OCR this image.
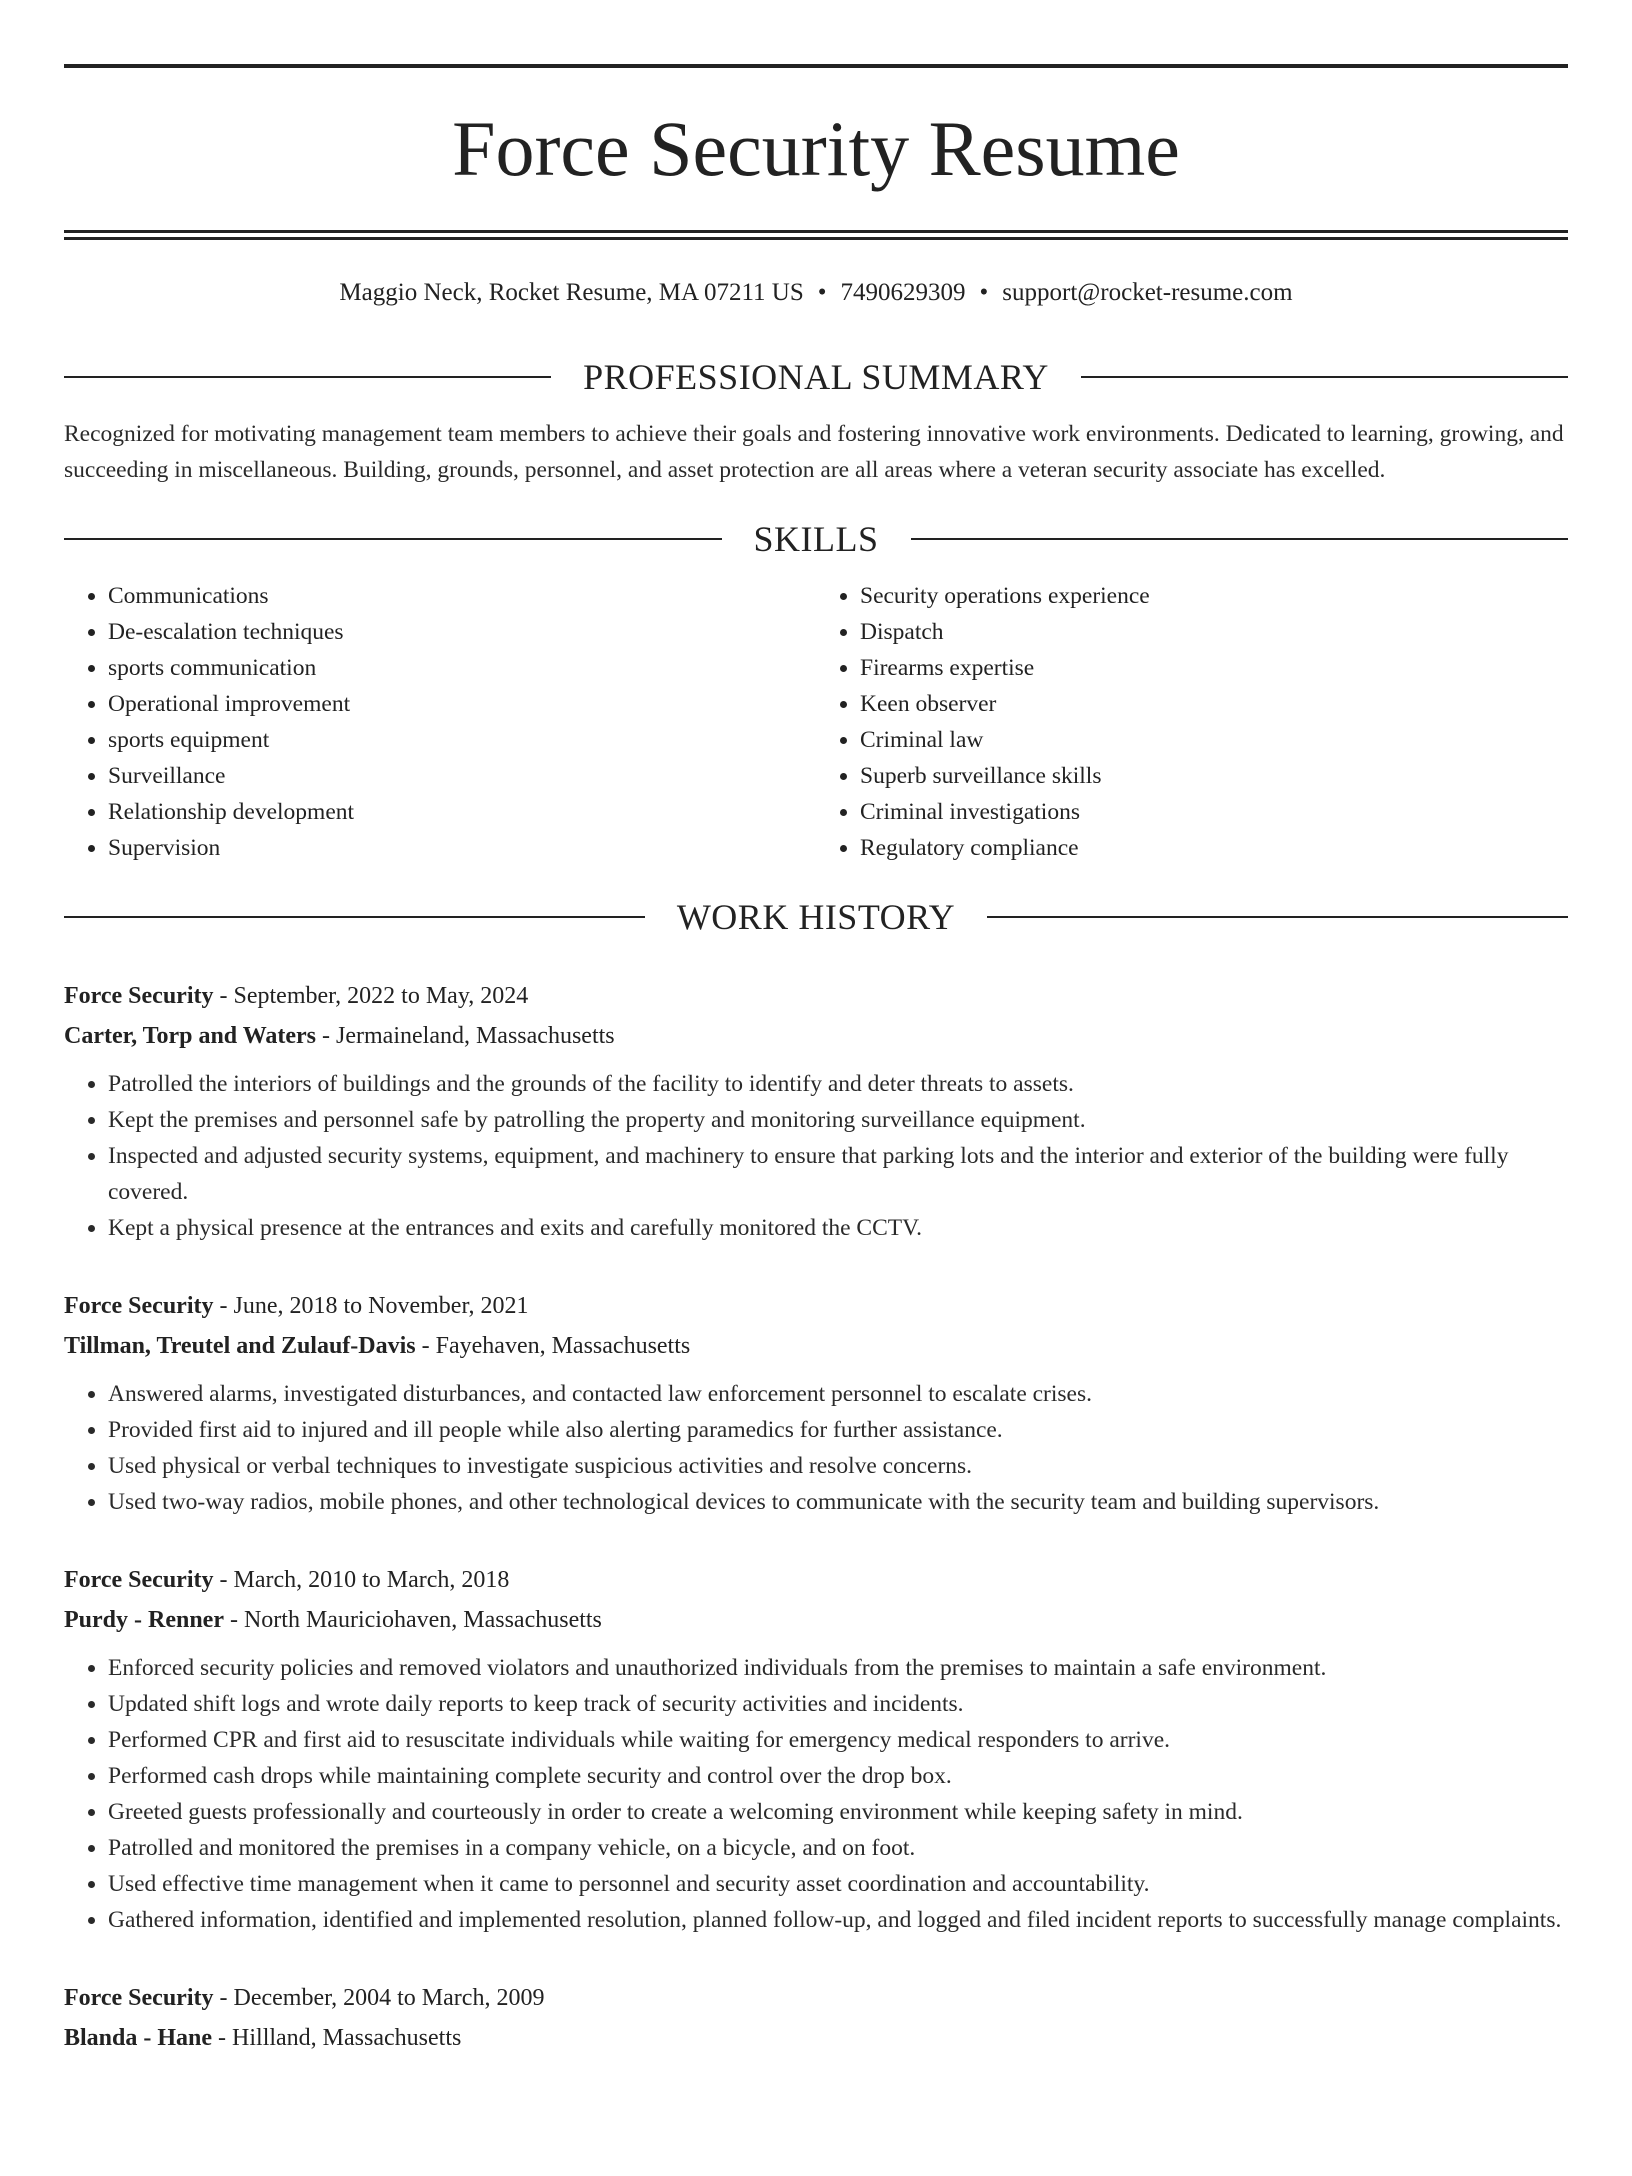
Force Security Resume
Maggio Neck, Rocket Resume, MA 07211 US • 7490629309 • support@rocket-resume.com
PROFESSIONAL SUMMARY

Recognized for motivating management team members to achieve their goals and fostering innovative work environments. Dedicated to learning, growing, and succeeding in miscellaneous. Building, grounds, personnel, and asset protection are all areas where a veteran security associate has excelled.

SKILLS
• Communications
• De-escalation techniques
• sports communication
• Operational improvement
• sports equipment
• Surveillance
• Relationship development
• Supervision
• Security operations experience
• Dispatch
• Firearms expertise
• Keen observer
• Criminal law
• Superb surveillance skills
• Criminal investigations
• Regulatory compliance
WORK HISTORY
Force Security - September, 2022 to May, 2024
Carter, Torp and Waters - Jermaineland, Massachusetts
• Patrolled the interiors of buildings and the grounds of the facility to identify and deter threats to assets.
• Kept the premises and personnel safe by patrolling the property and monitoring surveillance equipment.
• Inspected and adjusted security systems, equipment, and machinery to ensure that parking lots and the interior and exterior of the building were fully covered.
• Kept a physical presence at the entrances and exits and carefully monitored the CCTV.
Force Security - June, 2018 to November, 2021
Tillman, Treutel and Zulauf-Davis - Fayehaven, Massachusetts
• Answered alarms, investigated disturbances, and contacted law enforcement personnel to escalate crises.
• Provided first aid to injured and ill people while also alerting paramedics for further assistance.
• Used physical or verbal techniques to investigate suspicious activities and resolve concerns.
• Used two-way radios, mobile phones, and other technological devices to communicate with the security team and building supervisors.
Force Security - March, 2010 to March, 2018
Purdy - Renner - North Mauriciohaven, Massachusetts
• Enforced security policies and removed violators and unauthorized individuals from the premises to maintain a safe environment.
• Updated shift logs and wrote daily reports to keep track of security activities and incidents.
• Performed CPR and first aid to resuscitate individuals while waiting for emergency medical responders to arrive.
• Performed cash drops while maintaining complete security and control over the drop box.
• Greeted guests professionally and courteously in order to create a welcoming environment while keeping safety in mind.
• Patrolled and monitored the premises in a company vehicle, on a bicycle, and on foot.
• Used effective time management when it came to personnel and security asset coordination and accountability.
• Gathered information, identified and implemented resolution, planned follow-up, and logged and filed incident reports to successfully manage complaints.
Force Security - December, 2004 to March, 2009
Blanda - Hane - Hillland, Massachusetts
